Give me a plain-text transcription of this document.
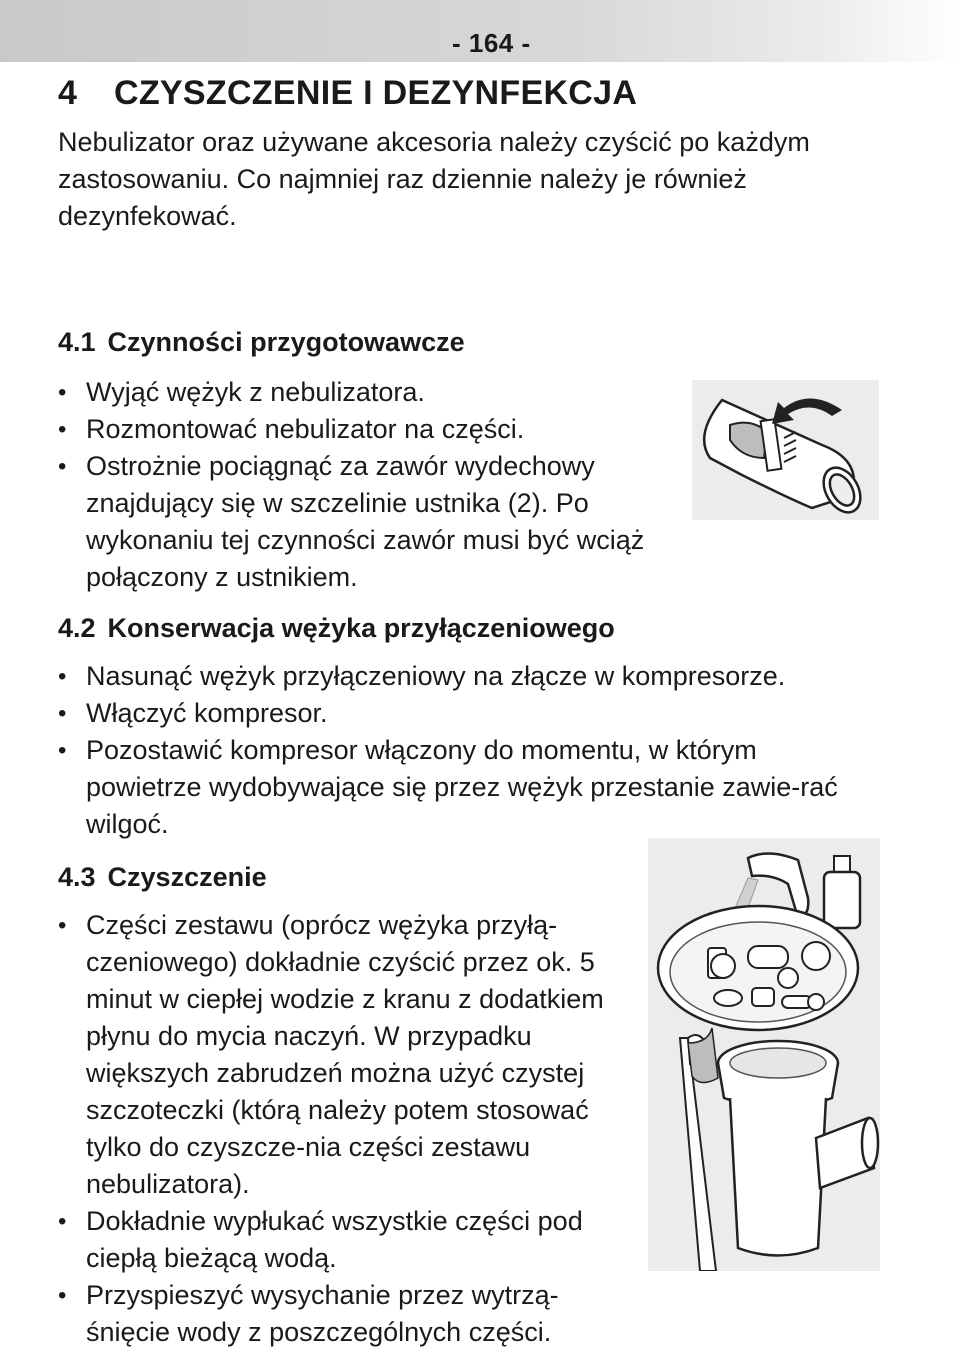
- 164 -
4 CZYSZCZENIE I DEZYNFEKCJA

Nebulizator oraz używane akcesoria należy czyścić po każdym zastosowaniu. Co najmniej raz dziennie należy je również dezynfekować.

4.1 Czynności przygotowawcze
• Wyjąć wężyk z nebulizatora.
• Rozmontować nebulizator na części.
• Ostrożnie pociągnąć za zawór wydechowy znajdujący się w szczelinie ustnika (2). Po wykonaniu tej czynności zawór musi być wciąż połączony z ustnikiem.
4.2 Konserwacja wężyka przyłączeniowego
• Nasunąć wężyk przyłączeniowy na złącze w kompresorze.
• Włączyć kompresor.
• Pozostawić kompresor włączony do momentu, w którym powietrze wydobywające się przez wężyk przestanie zawie-rać wilgoć.
4.3 Czyszczenie
• Części zestawu (oprócz wężyka przyłą-czeniowego) dokładnie czyścić przez ok. 5 minut w ciepłej wodzie z kranu z dodatkiem płynu do mycia naczyń. W przypadku większych zabrudzeń można użyć czystej szczoteczki (którą należy potem stosować tylko do czyszcze-nia części zestawu nebulizatora).
• Dokładnie wypłukać wszystkie części pod ciepłą bieżącą wodą.
• Przyspieszyć wysychanie przez wytrzą-śnięcie wody z poszczególnych części.
